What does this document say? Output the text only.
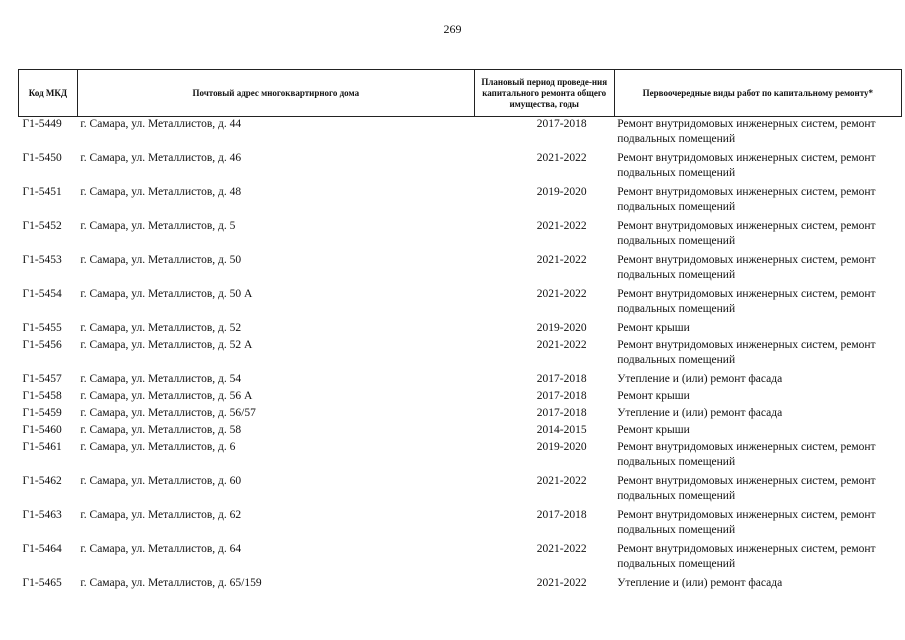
269
Код МКД	Почтовый адрес многоквартирного дома	Плановый период проведе-ния капитального ремонта общего имущества, годы	Первоочередные виды работ по капитальному ремонту*
Г1-5449	г. Самара, ул. Металлистов, д. 44	2017-2018	Ремонт внутридомовых инженерных систем, ремонт подвальных помещений
Г1-5450	г. Самара, ул. Металлистов, д. 46	2021-2022	Ремонт внутридомовых инженерных систем, ремонт подвальных помещений
Г1-5451	г. Самара, ул. Металлистов, д. 48	2019-2020	Ремонт внутридомовых инженерных систем, ремонт подвальных помещений
Г1-5452	г. Самара, ул. Металлистов, д. 5	2021-2022	Ремонт внутридомовых инженерных систем, ремонт подвальных помещений
Г1-5453	г. Самара, ул. Металлистов, д. 50	2021-2022	Ремонт внутридомовых инженерных систем, ремонт подвальных помещений
Г1-5454	г. Самара, ул. Металлистов, д. 50 А	2021-2022	Ремонт внутридомовых инженерных систем, ремонт подвальных помещений
Г1-5455	г. Самара, ул. Металлистов, д. 52	2019-2020	Ремонт крыши
Г1-5456	г. Самара, ул. Металлистов, д. 52 А	2021-2022	Ремонт внутридомовых инженерных систем, ремонт подвальных помещений
Г1-5457	г. Самара, ул. Металлистов, д. 54	2017-2018	Утепление и (или) ремонт фасада
Г1-5458	г. Самара, ул. Металлистов, д. 56 А	2017-2018	Ремонт крыши
Г1-5459	г. Самара, ул. Металлистов, д. 56/57	2017-2018	Утепление и (или) ремонт фасада
Г1-5460	г. Самара, ул. Металлистов, д. 58	2014-2015	Ремонт крыши
Г1-5461	г. Самара, ул. Металлистов, д. 6	2019-2020	Ремонт внутридомовых инженерных систем, ремонт подвальных помещений
Г1-5462	г. Самара, ул. Металлистов, д. 60	2021-2022	Ремонт внутридомовых инженерных систем, ремонт подвальных помещений
Г1-5463	г. Самара, ул. Металлистов, д. 62	2017-2018	Ремонт внутридомовых инженерных систем, ремонт подвальных помещений
Г1-5464	г. Самара, ул. Металлистов, д. 64	2021-2022	Ремонт внутридомовых инженерных систем, ремонт подвальных помещений
Г1-5465	г. Самара, ул. Металлистов, д. 65/159	2021-2022	Утепление и (или) ремонт фасада
